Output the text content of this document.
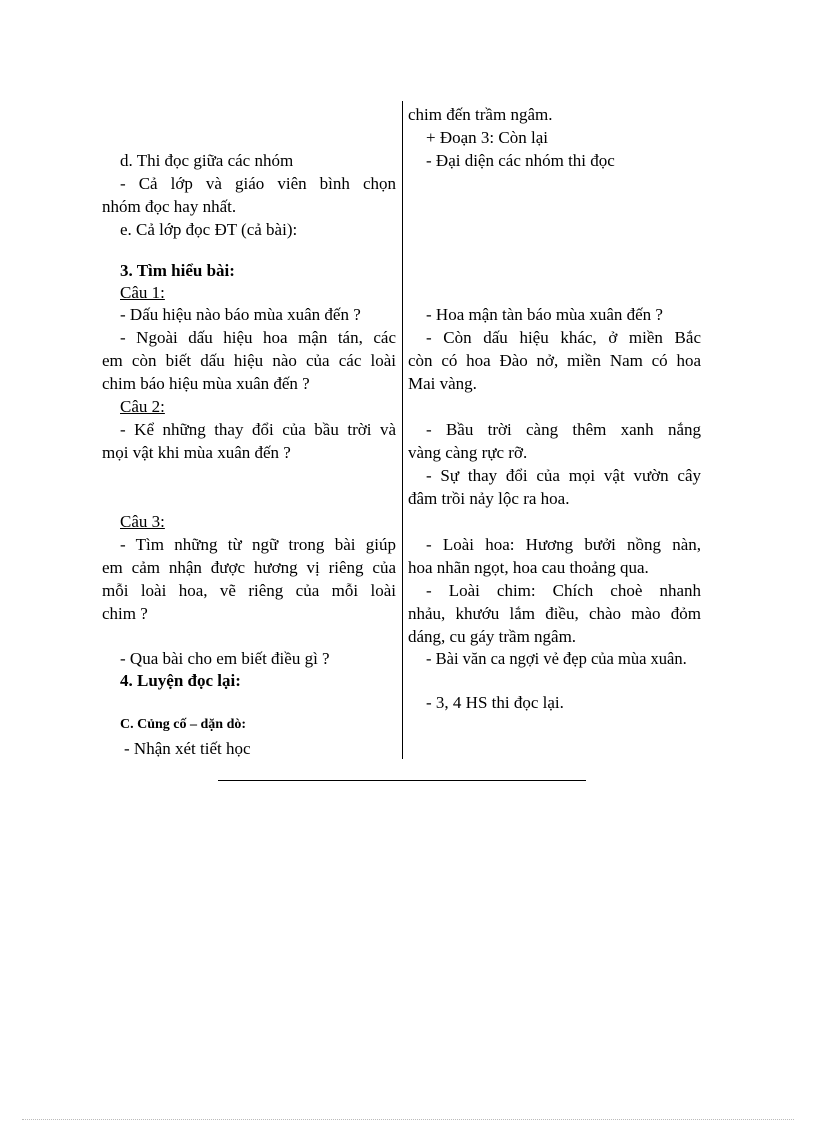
d. Thi đọc giữa các nhóm
- Cả lớp và giáo viên bình chọn
nhóm đọc hay nhất.
e. Cả lớp đọc ĐT (cả bài):
3. Tìm hiểu bài:
Câu 1:
- Dấu hiệu nào báo mùa xuân đến ?
- Ngoài dấu hiệu hoa mận tán, các
em còn biết dấu hiệu nào của các loài
chim báo hiệu mùa xuân đến ?
Câu 2:
- Kể những thay đổi của bầu trời và
mọi vật khi mùa xuân đến ?
Câu 3:
- Tìm những từ ngữ trong bài giúp
em cảm nhận được hương vị riêng của
mỗi loài hoa, vẽ riêng của mỗi loài
chim ?
- Qua bài cho em biết điều gì ?
4. Luyện đọc lại:
C. Củng cố – dặn dò:
- Nhận xét tiết học
chim đến trầm ngâm.
+ Đoạn 3: Còn lại
- Đại diện các nhóm thi đọc
- Hoa mận tàn báo mùa xuân đến ?
- Còn dấu hiệu khác, ở miền Bắc
còn có hoa Đào nở, miền Nam có hoa
Mai vàng.
- Bầu trời càng thêm xanh nắng
vàng càng rực rỡ.
- Sự thay đổi của mọi vật vườn cây
đâm trồi nảy lộc ra hoa.
- Loài hoa: Hương bưởi nồng nàn,
hoa nhãn ngọt, hoa cau thoảng qua.
- Loài chim: Chích choè nhanh
nhảu, khướu lắm điều, chào mào đỏm
dáng, cu gáy trầm ngâm.
- Bài văn ca ngợi vẻ đẹp của mùa xuân.
- 3, 4 HS thi đọc lại.
